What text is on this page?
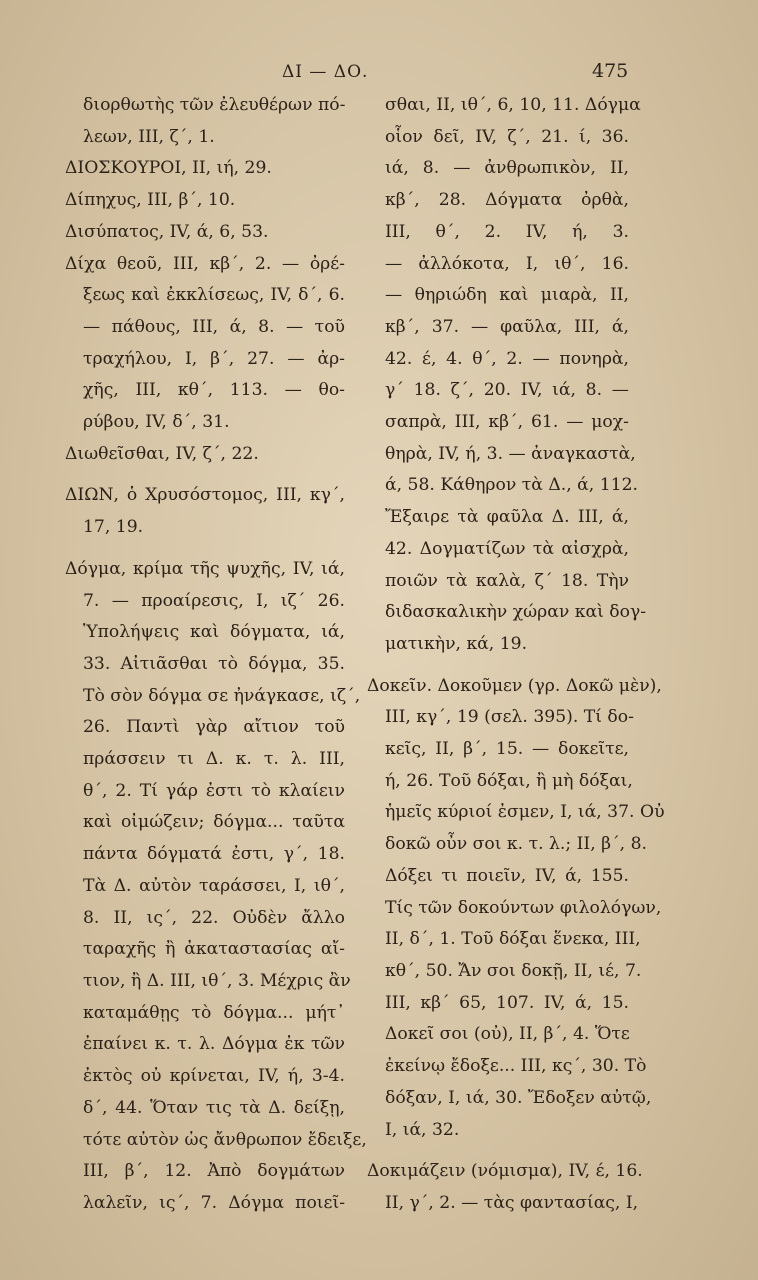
ΔΙ — ΔΟ.	475
διορθωτὴς τῶν ἐλευθέρων πό-
λεων, III, ζ΄, 1.
ΔΙΟΣΚΟΥΡΟΙ, II, ιή, 29.
Δίπηχυς, III, β΄, 10.
Δισύπατος, IV, ά, 6, 53.
Δίχα θεοῦ, III, κβ΄, 2. — ὀρέ-
ξεως καὶ ἐκκλίσεως, IV, δ΄, 6.
— πάθους, III, ά, 8. — τοῦ
τραχήλου, I, β΄, 27. — ἀρ-
χῆς, III, κθ΄, 113. — θο-
ρύβου, IV, δ΄, 31.
Διωθεῖσθαι, IV, ζ΄, 22.
ΔΙΩΝ, ὁ Χρυσόστομος, III, κγ΄,
17, 19.
Δόγμα, κρίμα τῆς ψυχῆς, IV, ιά,
7. — προαίρεσις, I, ιζ΄ 26.
Ὑπολήψεις καὶ δόγματα, ιά,
33. Αἰτιᾶσθαι τὸ δόγμα, 35.
Τὸ σὸν δόγμα σε ἠνάγκασε, ιζ΄,
26. Παντὶ γὰρ αἴτιον τοῦ
πράσσειν τι Δ. κ. τ. λ. III,
θ΄, 2. Τί γάρ ἐστι τὸ κλαίειν
καὶ οἰμώζειν; δόγμα... ταῦτα
πάντα δόγματά ἐστι, γ΄, 18.
Τὰ Δ. αὐτὸν ταράσσει, I, ιθ΄,
8. II, ις΄, 22. Οὐδὲν ἄλλο
ταραχῆς ἢ ἀκαταστασίας αἴ-
τιον, ἢ Δ. III, ιθ΄, 3. Μέχρις ἂν
καταμάθῃς τὸ δόγμα... μήτ᾽
ἐπαίνει κ. τ. λ. Δόγμα ἐκ τῶν
ἐκτὸς οὐ κρίνεται, IV, ή, 3-4.
δ΄, 44. Ὅταν τις τὰ Δ. δείξῃ,
τότε αὐτὸν ὡς ἄνθρωπον ἔδειξε,
III, β΄, 12. Ἀπὸ δογμάτων
λαλεῖν, ις΄, 7. Δόγμα ποιεῖ-
σθαι, II, ιθ΄, 6, 10, 11. Δόγμα
οἷον δεῖ, IV, ζ΄, 21. ί, 36.
ιά, 8. — ἀνθρωπικὸν, II,
κβ΄, 28. Δόγματα ὀρθὰ,
III, θ΄, 2. IV, ή, 3.
— ἀλλόκοτα, I, ιθ΄, 16.
— θηριώδη καὶ μιαρὰ, II,
κβ΄, 37. — φαῦλα, III, ά,
42. έ, 4. θ΄, 2. — πονηρὰ,
γ΄ 18. ζ΄, 20. IV, ιά, 8. —
σαπρὰ, III, κβ΄, 61. — μοχ-
θηρὰ, IV, ή, 3. — ἀναγκαστὰ,
ά, 58. Κάθηρον τὰ Δ., ά, 112.
Ἔξαιρε τὰ φαῦλα Δ. III, ά,
42. Δογματίζων τὰ αἰσχρὰ,
ποιῶν τὰ καλὰ, ζ΄ 18. Τὴν
διδασκαλικὴν χώραν καὶ δογ-
ματικὴν, κά, 19.
Δοκεῖν. Δοκοῦμεν (γρ. Δοκῶ μὲν),
III, κγ΄, 19 (σελ. 395). Τί δο-
κεῖς, II, β΄, 15. — δοκεῖτε,
ή, 26. Τοῦ δόξαι, ἢ μὴ δόξαι,
ἡμεῖς κύριοί ἐσμεν, I, ιά, 37. Οὐ
δοκῶ οὖν σοι κ. τ. λ.; II, β΄, 8.
Δόξει τι ποιεῖν, IV, ά, 155.
Τίς τῶν δοκούντων φιλολόγων,
II, δ΄, 1. Τοῦ δόξαι ἕνεκα, III,
κθ΄, 50. Ἄν σοι δοκῇ, II, ιέ, 7.
III, κβ΄ 65, 107. IV, ά, 15.
Δοκεῖ σοι (οὐ), II, β΄, 4. Ὅτε
ἐκείνῳ ἔδοξε... III, κς΄, 30. Τὸ
δόξαν, I, ιά, 30. Ἔδοξεν αὐτῷ,
I, ιά, 32.
Δοκιμάζειν (νόμισμα), IV, έ, 16.
II, γ΄, 2. — τὰς φαντασίας, I,
